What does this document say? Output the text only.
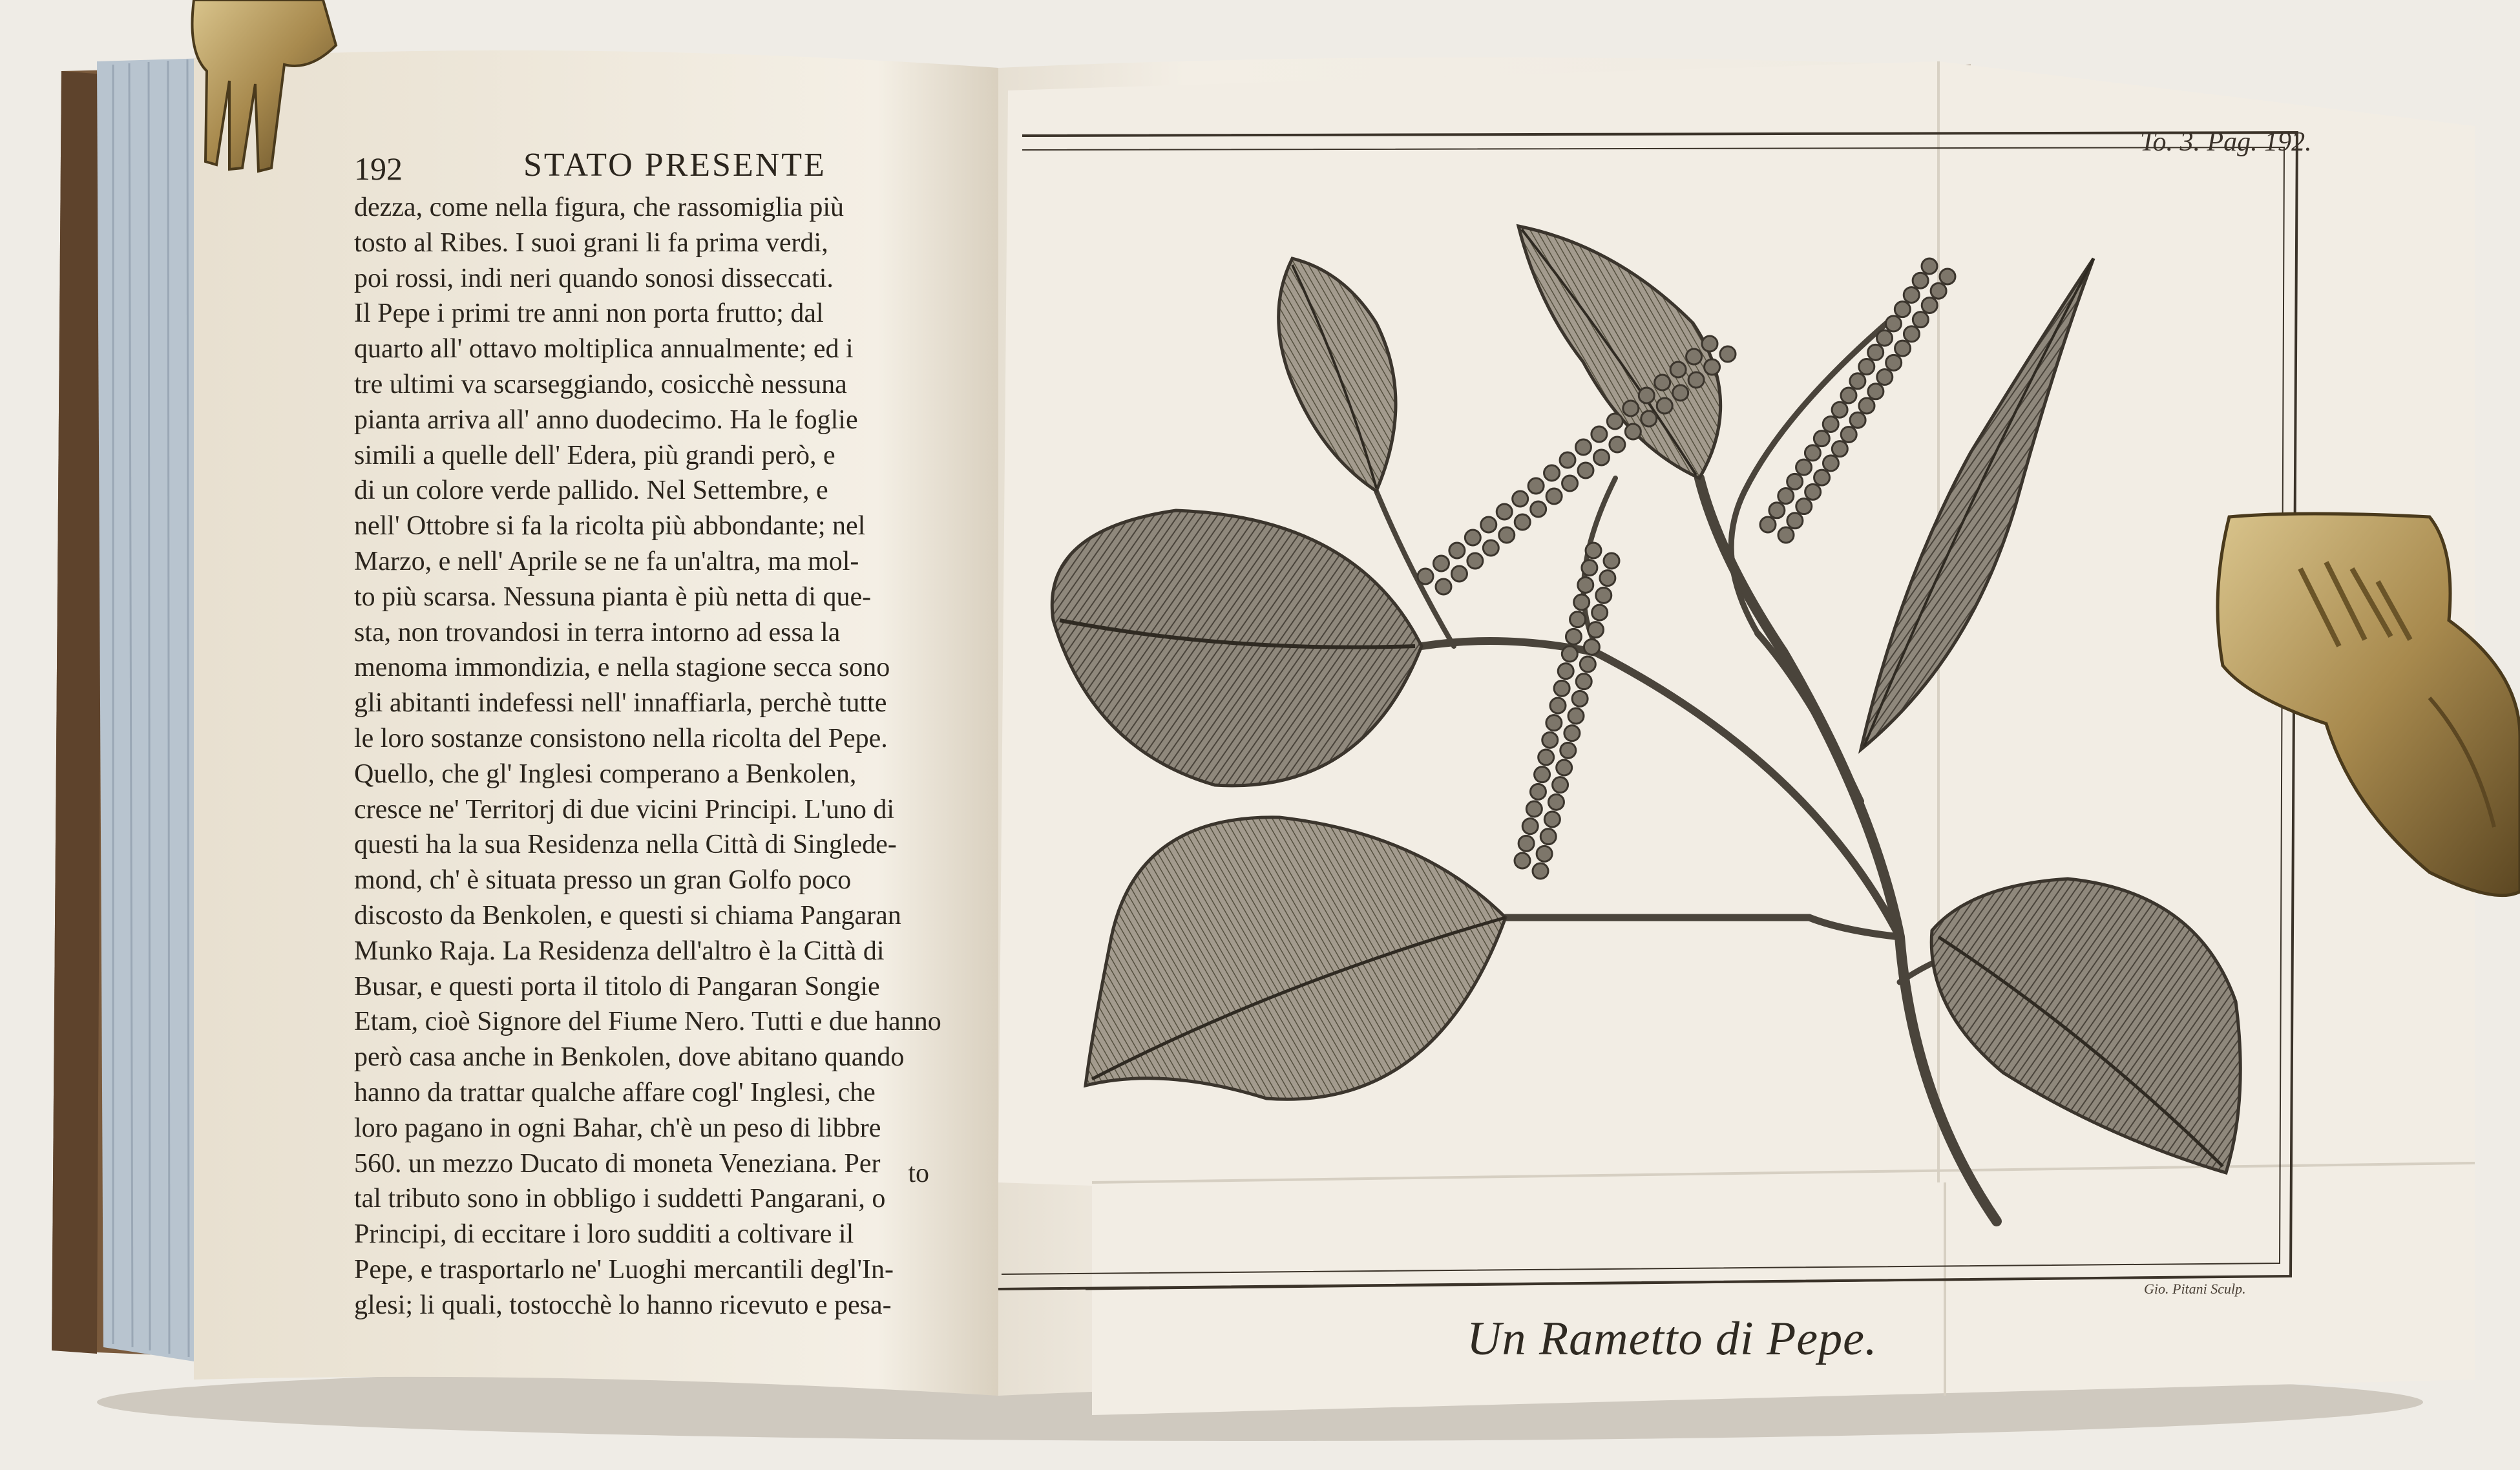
192	STATO PRESENTE
dezza, come nella figura, che rassomiglia più
tosto al Ribes. I suoi grani li fa prima verdi,
poi rossi, indi neri quando sonosi disseccati.
Il Pepe i primi tre anni non porta frutto; dal
quarto all' ottavo moltiplica annualmente; ed i
tre ultimi va scarseggiando, cosicchè nessuna
pianta arriva all' anno duodecimo. Ha le foglie
simili a quelle dell' Edera, più grandi però, e
di un colore verde pallido. Nel Settembre, e
nell' Ottobre si fa la ricolta più abbondante; nel
Marzo, e nell' Aprile se ne fa un'altra, ma mol-
to più scarsa. Nessuna pianta è più netta di que-
sta, non trovandosi in terra intorno ad essa la
menoma immondizia, e nella stagione secca sono
gli abitanti indefessi nell' innaffiarla, perchè tutte
le loro sostanze consistono nella ricolta del Pepe.
Quello, che gl' Inglesi comperano a Benkolen,
cresce ne' Territorj di due vicini Principi. L'uno di
questi ha la sua Residenza nella Città di Singlede-
mond, ch' è situata presso un gran Golfo poco
discosto da Benkolen, e questi si chiama Pangaran
Munko Raja. La Residenza dell'altro è la Città di
Busar, e questi porta il titolo di Pangaran Songie
Etam, cioè Signore del Fiume Nero. Tutti e due hanno
però casa anche in Benkolen, dove abitano quando
hanno da trattar qualche affare cogl' Inglesi, che
loro pagano in ogni Bahar, ch'è un peso di libbre
560. un mezzo Ducato di moneta Veneziana. Per
tal tributo sono in obbligo i suddetti Pangarani, o
Principi, di eccitare i loro sudditi a coltivare il
Pepe, e trasportarlo ne' Luoghi mercantili degl'In-
glesi; li quali, tostocchè lo hanno ricevuto e pesa-
to
To. 3. Pag. 192.
Gio. Pitani Sculp.
Un Rametto di Pepe.
